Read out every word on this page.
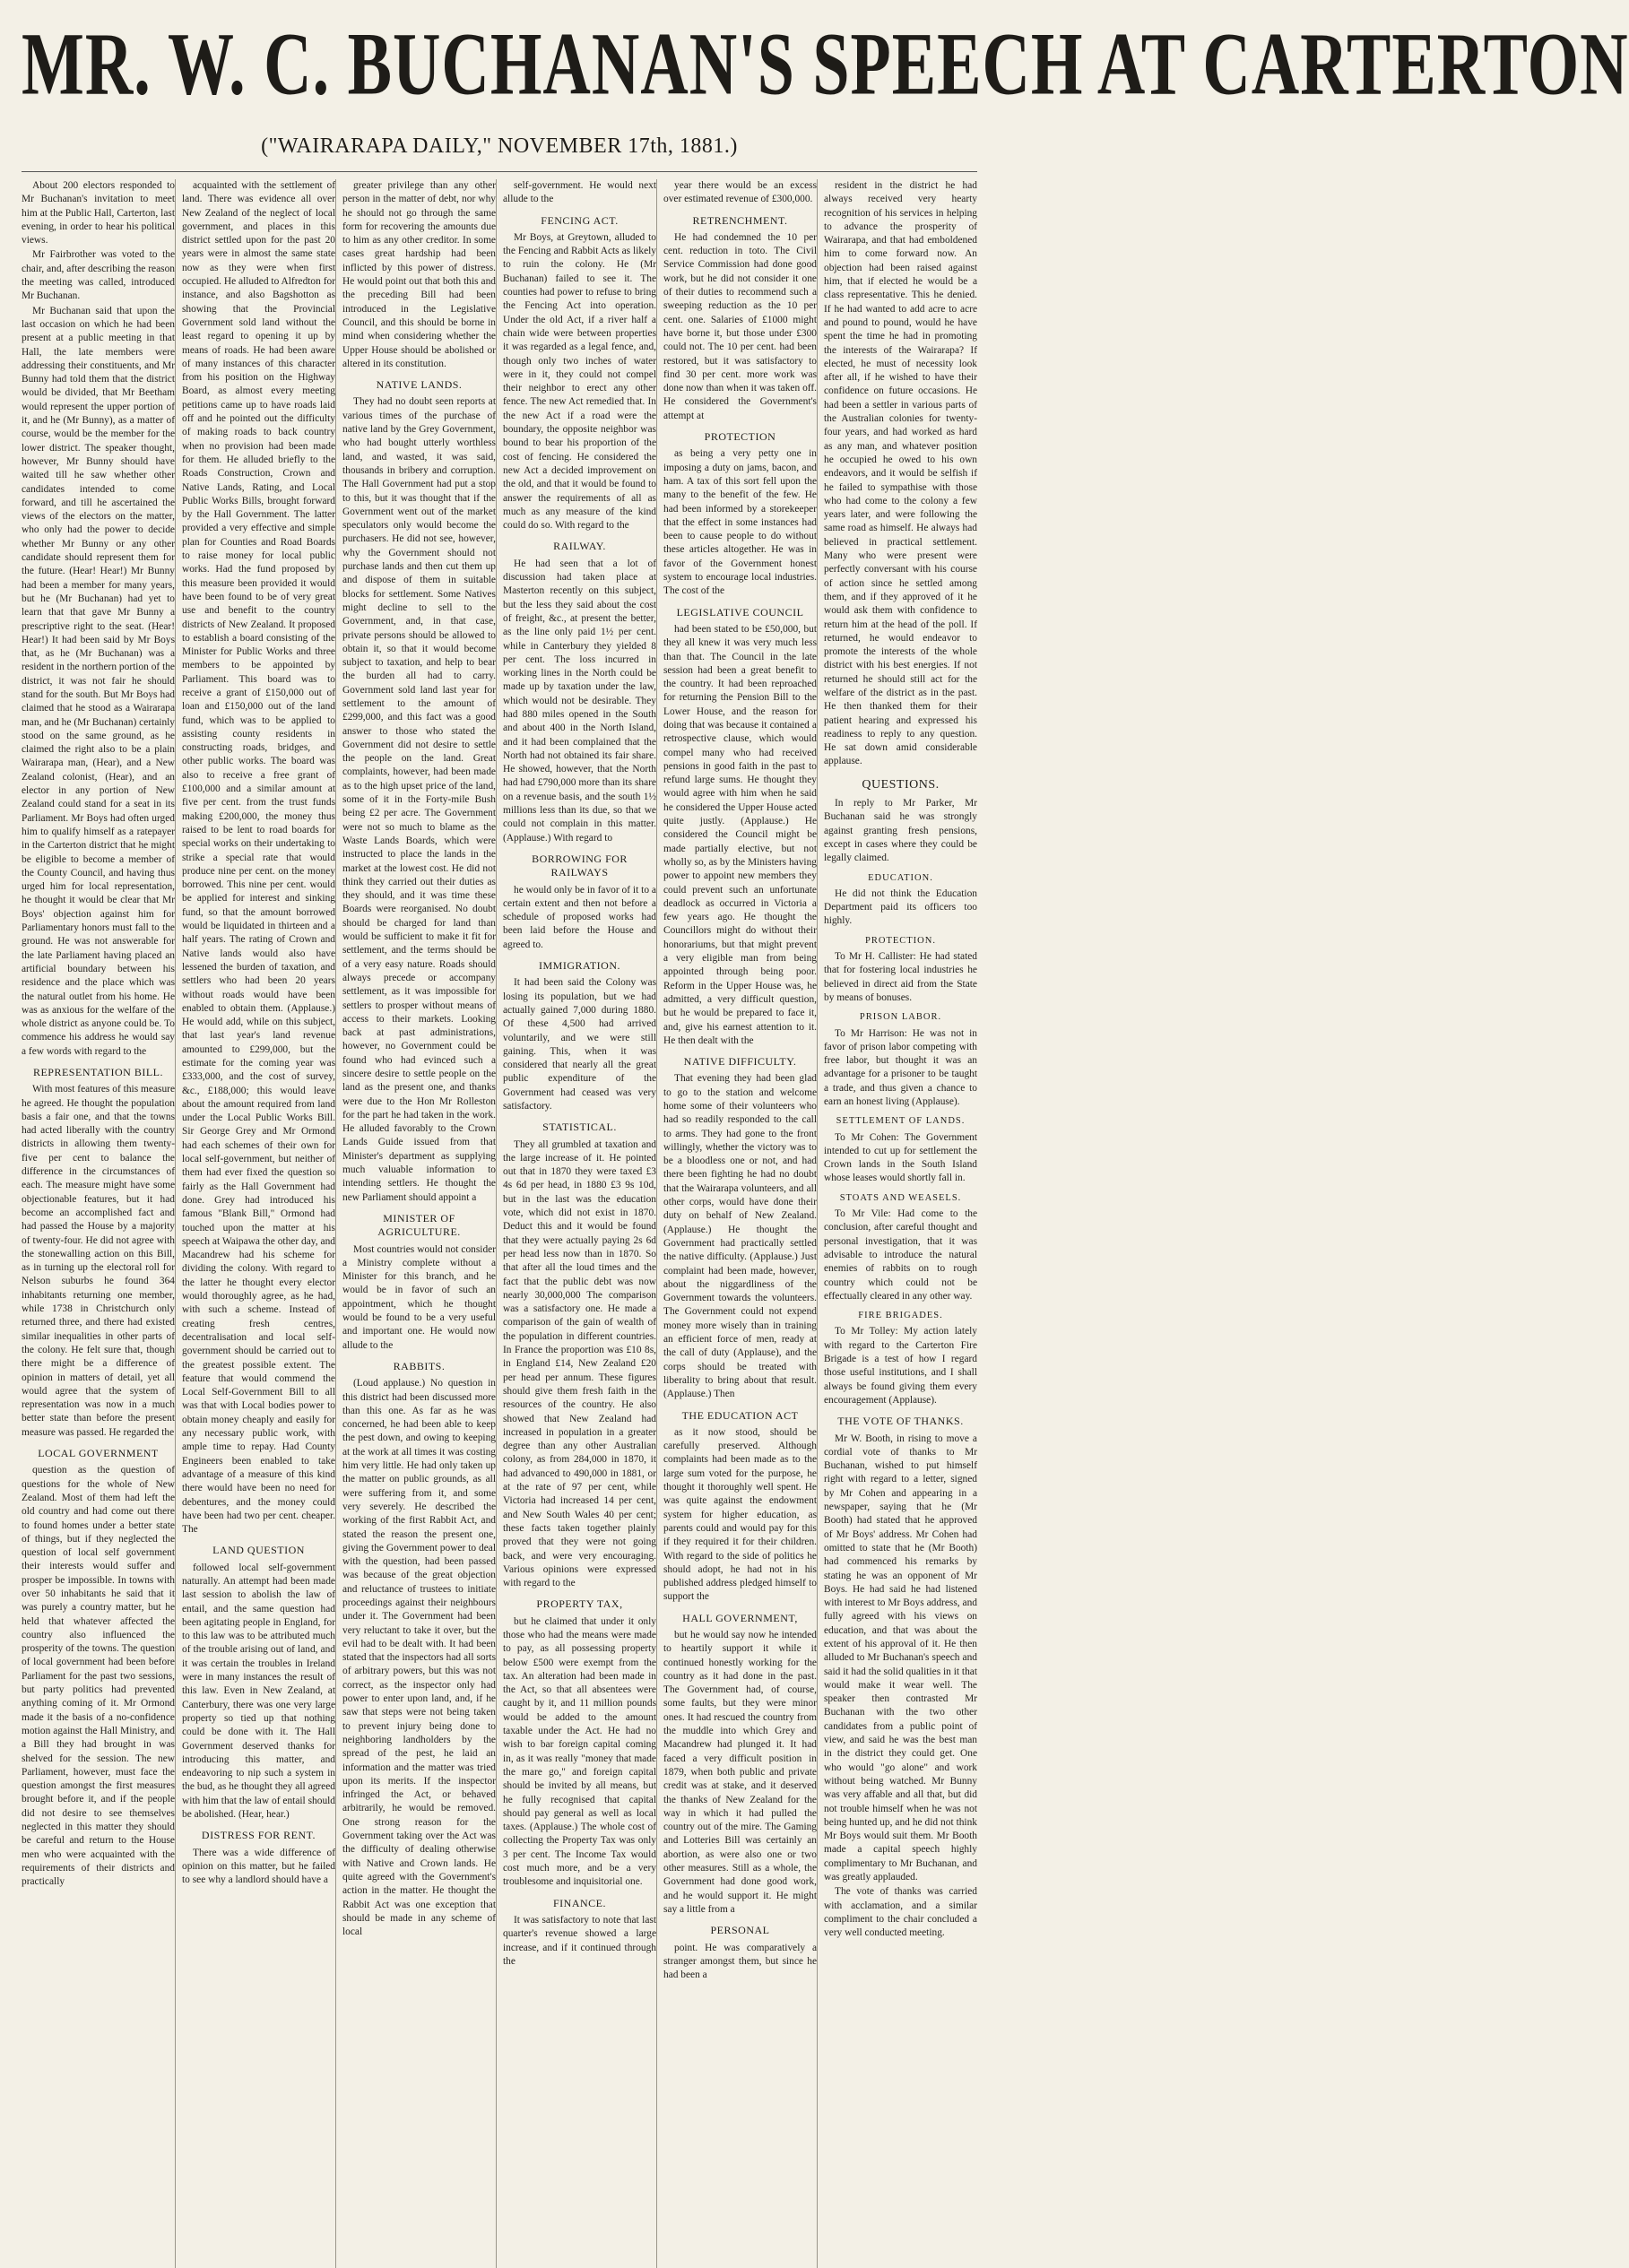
MR. W. C. BUCHANAN'S SPEECH AT CARTERTON
("WAIRARAPA DAILY," NOVEMBER 17th, 1881.)

About 200 electors responded to Mr Buchanan's invitation to meet him at the Public Hall, Carterton, last evening, in order to hear his political views.

Mr Fairbrother was voted to the chair, and, after describing the reason the meeting was called, introduced Mr Buchanan.

Mr Buchanan said that upon the last occasion on which he had been present at a public meeting in that Hall, the late members were addressing their constituents, and Mr Bunny had told them that the district would be divided, that Mr Beetham would represent the upper portion of it, and he (Mr Bunny), as a matter of course, would be the member for the lower district. The speaker thought, however, Mr Bunny should have waited till he saw whether other candidates intended to come forward, and till he ascertained the views of the electors on the matter, who only had the power to decide whether Mr Bunny or any other candidate should represent them for the future. (Hear! Hear!) Mr Bunny had been a member for many years, but he (Mr Buchanan) had yet to learn that that gave Mr Bunny a prescriptive right to the seat. (Hear! Hear!) It had been said by Mr Boys that, as he (Mr Buchanan) was a resident in the northern portion of the district, it was not fair he should stand for the south. But Mr Boys had claimed that he stood as a Wairarapa man, and he (Mr Buchanan) certainly stood on the same ground, as he claimed the right also to be a plain Wairarapa man, (Hear), and a New Zealand colonist, (Hear), and an elector in any portion of New Zealand could stand for a seat in its Parliament. Mr Boys had often urged him to qualify himself as a ratepayer in the Carterton district that he might be eligible to become a member of the County Council, and having thus urged him for local representation, he thought it would be clear that Mr Boys' objection against him for Parliamentary honors must fall to the ground. He was not answerable for the late Parliament having placed an artificial boundary between his residence and the place which was the natural outlet from his home. He was as anxious for the welfare of the whole district as anyone could be. To commence his address he would say a few words with regard to the

REPRESENTATION BILL.

With most features of this measure he agreed. He thought the population basis a fair one, and that the towns had acted liberally with the country districts in allowing them twenty-five per cent to balance the difference in the circumstances of each. The measure might have some objectionable features, but it had become an accomplished fact and had passed the House by a majority of twenty-four. He did not agree with the stonewalling action on this Bill, as in turning up the electoral roll for Nelson suburbs he found 364 inhabitants returning one member, while 1738 in Christchurch only returned three, and there had existed similar inequalities in other parts of the colony. He felt sure that, though there might be a difference of opinion in matters of detail, yet all would agree that the system of representation was now in a much better state than before the present measure was passed. He regarded the

LOCAL GOVERNMENT

question as the question of questions for the whole of New Zealand. Most of them had left the old country and had come out there to found homes under a better state of things, but if they neglected the question of local self government their interests would suffer and prosper be impossible. In towns with over 50 inhabitants he said that it was purely a country matter, but he held that whatever affected the country also influenced the prosperity of the towns. The question of local government had been before Parliament for the past two sessions, but party politics had prevented anything coming of it. Mr Ormond made it the basis of a no-confidence motion against the Hall Ministry, and a Bill they had brought in was shelved for the session. The new Parliament, however, must face the question amongst the first measures brought before it, and if the people did not desire to see themselves neglected in this matter they should be careful and return to the House men who were acquainted with the requirements of their districts and practically

acquainted with the settlement of land. There was evidence all over New Zealand of the neglect of local government, and places in this district settled upon for the past 20 years were in almost the same state now as they were when first occupied. He alluded to Alfredton for instance, and also Bagshotton as showing that the Provincial Government sold land without the least regard to opening it up by means of roads. He had been aware of many instances of this character from his position on the Highway Board, as almost every meeting petitions came up to have roads laid off and he pointed out the difficulty of making roads to back country when no provision had been made for them. He alluded briefly to the Roads Construction, Crown and Native Lands, Rating, and Local Public Works Bills, brought forward by the Hall Government. The latter provided a very effective and simple plan for Counties and Road Boards to raise money for local public works. Had the fund proposed by this measure been provided it would have been found to be of very great use and benefit to the country districts of New Zealand. It proposed to establish a board consisting of the Minister for Public Works and three members to be appointed by Parliament. This board was to receive a grant of £150,000 out of loan and £150,000 out of the land fund, which was to be applied to assisting county residents in constructing roads, bridges, and other public works. The board was also to receive a free grant of £100,000 and a similar amount at five per cent. from the trust funds making £200,000, the money thus raised to be lent to road boards for special works on their undertaking to strike a special rate that would produce nine per cent. on the money borrowed. This nine per cent. would be applied for interest and sinking fund, so that the amount borrowed would be liquidated in thirteen and a half years. The rating of Crown and Native lands would also have lessened the burden of taxation, and settlers who had been 20 years without roads would have been enabled to obtain them. (Applause.) He would add, while on this subject, that last year's land revenue amounted to £299,000, but the estimate for the coming year was £333,000, and the cost of survey, &c., £188,000; this would leave about the amount required from land under the Local Public Works Bill. Sir George Grey and Mr Ormond had each schemes of their own for local self-government, but neither of them had ever fixed the question so fairly as the Hall Government had done. Grey had introduced his famous "Blank Bill," Ormond had touched upon the matter at his speech at Waipawa the other day, and Macandrew had his scheme for dividing the colony. With regard to the latter he thought every elector would thoroughly agree, as he had, with such a scheme. Instead of creating fresh centres, decentralisation and local self-government should be carried out to the greatest possible extent. The feature that would commend the Local Self-Government Bill to all was that with Local bodies power to obtain money cheaply and easily for any necessary public work, with ample time to repay. Had County Engineers been enabled to take advantage of a measure of this kind there would have been no need for debentures, and the money could have been had two per cent. cheaper. The

LAND QUESTION

followed local self-government naturally. An attempt had been made last session to abolish the law of entail, and the same question had been agitating people in England, for to this law was to be attributed much of the trouble arising out of land, and it was certain the troubles in Ireland were in many instances the result of this law. Even in New Zealand, at Canterbury, there was one very large property so tied up that nothing could be done with it. The Hall Government deserved thanks for introducing this matter, and endeavoring to nip such a system in the bud, as he thought they all agreed with him that the law of entail should be abolished. (Hear, hear.)

DISTRESS FOR RENT.

There was a wide difference of opinion on this matter, but he failed to see why a landlord should have a

greater privilege than any other person in the matter of debt, nor why he should not go through the same form for recovering the amounts due to him as any other creditor. In some cases great hardship had been inflicted by this power of distress. He would point out that both this and the preceding Bill had been introduced in the Legislative Council, and this should be borne in mind when considering whether the Upper House should be abolished or altered in its constitution.

NATIVE LANDS.

They had no doubt seen reports at various times of the purchase of native land by the Grey Government, who had bought utterly worthless land, and wasted, it was said, thousands in bribery and corruption. The Hall Government had put a stop to this, but it was thought that if the Government went out of the market speculators only would become the purchasers. He did not see, however, why the Government should not purchase lands and then cut them up and dispose of them in suitable blocks for settlement. Some Natives might decline to sell to the Government, and, in that case, private persons should be allowed to obtain it, so that it would become subject to taxation, and help to bear the burden all had to carry. Government sold land last year for settlement to the amount of £299,000, and this fact was a good answer to those who stated the Government did not desire to settle the people on the land. Great complaints, however, had been made as to the high upset price of the land, some of it in the Forty-mile Bush being £2 per acre. The Government were not so much to blame as the Waste Lands Boards, which were instructed to place the lands in the market at the lowest cost. He did not think they carried out their duties as they should, and it was time these Boards were reorganised. No doubt should be charged for land than would be sufficient to make it fit for settlement, and the terms should be of a very easy nature. Roads should always precede or accompany settlement, as it was impossible for settlers to prosper without means of access to their markets. Looking back at past administrations, however, no Government could be found who had evinced such a sincere desire to settle people on the land as the present one, and thanks were due to the Hon Mr Rolleston for the part he had taken in the work. He alluded favorably to the Crown Lands Guide issued from that Minister's department as supplying much valuable information to intending settlers. He thought the new Parliament should appoint a

MINISTER OF AGRICULTURE.

Most countries would not consider a Ministry complete without a Minister for this branch, and he would be in favor of such an appointment, which he thought would be found to be a very useful and important one. He would now allude to the

RABBITS.

(Loud applause.) No question in this district had been discussed more than this one. As far as he was concerned, he had been able to keep the pest down, and owing to keeping at the work at all times it was costing him very little. He had only taken up the matter on public grounds, as all were suffering from it, and some very severely. He described the working of the first Rabbit Act, and stated the reason the present one, giving the Government power to deal with the question, had been passed was because of the great objection and reluctance of trustees to initiate proceedings against their neighbours under it. The Government had been very reluctant to take it over, but the evil had to be dealt with. It had been stated that the inspectors had all sorts of arbitrary powers, but this was not correct, as the inspector only had power to enter upon land, and, if he saw that steps were not being taken to prevent injury being done to neighboring landholders by the spread of the pest, he laid an information and the matter was tried upon its merits. If the inspector infringed the Act, or behaved arbitrarily, he would be removed. One strong reason for the Government taking over the Act was the difficulty of dealing otherwise with Native and Crown lands. He quite agreed with the Government's action in the matter. He thought the Rabbit Act was one exception that should be made in any scheme of local

self-government. He would next allude to the

FENCING ACT.

Mr Boys, at Greytown, alluded to the Fencing and Rabbit Acts as likely to ruin the colony. He (Mr Buchanan) failed to see it. The counties had power to refuse to bring the Fencing Act into operation. Under the old Act, if a river half a chain wide were between properties it was regarded as a legal fence, and, though only two inches of water were in it, they could not compel their neighbor to erect any other fence. The new Act remedied that. In the new Act if a road were the boundary, the opposite neighbor was bound to bear his proportion of the cost of fencing. He considered the new Act a decided improvement on the old, and that it would be found to answer the requirements of all as much as any measure of the kind could do so. With regard to the

RAILWAY.

He had seen that a lot of discussion had taken place at Masterton recently on this subject, but the less they said about the cost of freight, &c., at present the better, as the line only paid 1½ per cent. while in Canterbury they yielded 8 per cent. The loss incurred in working lines in the North could be made up by taxation under the law, which would not be desirable. They had 880 miles opened in the South and about 400 in the North Island, and it had been complained that the North had not obtained its fair share. He showed, however, that the North had had £790,000 more than its share on a revenue basis, and the south 1½ millions less than its due, so that we could not complain in this matter. (Applause.) With regard to

BORROWING FOR RAILWAYS

he would only be in favor of it to a certain extent and then not before a schedule of proposed works had been laid before the House and agreed to.

IMMIGRATION.

It had been said the Colony was losing its population, but we had actually gained 7,000 during 1880. Of these 4,500 had arrived voluntarily, and we were still gaining. This, when it was considered that nearly all the great public expenditure of the Government had ceased was very satisfactory.

STATISTICAL.

They all grumbled at taxation and the large increase of it. He pointed out that in 1870 they were taxed £3 4s 6d per head, in 1880 £3 9s 10d, but in the last was the education vote, which did not exist in 1870. Deduct this and it would be found that they were actually paying 2s 6d per head less now than in 1870. So that after all the loud times and the fact that the public debt was now nearly 30,000,000 The comparison was a satisfactory one. He made a comparison of the gain of wealth of the population in different countries. In France the proportion was £10 8s, in England £14, New Zealand £20 per head per annum. These figures should give them fresh faith in the resources of the country. He also showed that New Zealand had increased in population in a greater degree than any other Australian colony, as from 284,000 in 1870, it had advanced to 490,000 in 1881, or at the rate of 97 per cent, while Victoria had increased 14 per cent, and New South Wales 40 per cent; these facts taken together plainly proved that they were not going back, and were very encouraging. Various opinions were expressed with regard to the

PROPERTY TAX,

but he claimed that under it only those who had the means were made to pay, as all possessing property below £500 were exempt from the tax. An alteration had been made in the Act, so that all absentees were caught by it, and 11 million pounds would be added to the amount taxable under the Act. He had no wish to bar foreign capital coming in, as it was really "money that made the mare go," and foreign capital should be invited by all means, but he fully recognised that capital should pay general as well as local taxes. (Applause.) The whole cost of collecting the Property Tax was only 3 per cent. The Income Tax would cost much more, and be a very troublesome and inquisitorial one.

FINANCE.

It was satisfactory to note that last quarter's revenue showed a large increase, and if it continued through the

year there would be an excess over estimated revenue of £300,000.

RETRENCHMENT.

He had condemned the 10 per cent. reduction in toto. The Civil Service Commission had done good work, but he did not consider it one of their duties to recommend such a sweeping reduction as the 10 per cent. one. Salaries of £1000 might have borne it, but those under £300 could not. The 10 per cent. had been restored, but it was satisfactory to find 30 per cent. more work was done now than when it was taken off. He considered the Government's attempt at

PROTECTION

as being a very petty one in imposing a duty on jams, bacon, and ham. A tax of this sort fell upon the many to the benefit of the few. He had been informed by a storekeeper that the effect in some instances had been to cause people to do without these articles altogether. He was in favor of the Government honest system to encourage local industries. The cost of the

LEGISLATIVE COUNCIL

had been stated to be £50,000, but they all knew it was very much less than that. The Council in the late session had been a great benefit to the country. It had been reproached for returning the Pension Bill to the Lower House, and the reason for doing that was because it contained a retrospective clause, which would compel many who had received pensions in good faith in the past to refund large sums. He thought they would agree with him when he said he considered the Upper House acted quite justly. (Applause.) He considered the Council might be made partially elective, but not wholly so, as by the Ministers having power to appoint new members they could prevent such an unfortunate deadlock as occurred in Victoria a few years ago. He thought the Councillors might do without their honorariums, but that might prevent a very eligible man from being appointed through being poor. Reform in the Upper House was, he admitted, a very difficult question, but he would be prepared to face it, and, give his earnest attention to it. He then dealt with the

NATIVE DIFFICULTY.

That evening they had been glad to go to the station and welcome home some of their volunteers who had so readily responded to the call to arms. They had gone to the front willingly, whether the victory was to be a bloodless one or not, and had there been fighting he had no doubt that the Wairarapa volunteers, and all other corps, would have done their duty on behalf of New Zealand. (Applause.) He thought the Government had practically settled the native difficulty. (Applause.) Just complaint had been made, however, about the niggardliness of the Government towards the volunteers. The Government could not expend money more wisely than in training an efficient force of men, ready at the call of duty (Applause), and the corps should be treated with liberality to bring about that result. (Applause.) Then

THE EDUCATION ACT

as it now stood, should be carefully preserved. Although complaints had been made as to the large sum voted for the purpose, he thought it thoroughly well spent. He was quite against the endowment system for higher education, as parents could and would pay for this if they required it for their children. With regard to the side of politics he should adopt, he had not in his published address pledged himself to support the

HALL GOVERNMENT,

but he would say now he intended to heartily support it while it continued honestly working for the country as it had done in the past. The Government had, of course, some faults, but they were minor ones. It had rescued the country from the muddle into which Grey and Macandrew had plunged it. It had faced a very difficult position in 1879, when both public and private credit was at stake, and it deserved the thanks of New Zealand for the way in which it had pulled the country out of the mire. The Gaming and Lotteries Bill was certainly an abortion, as were also one or two other measures. Still as a whole, the Government had done good work, and he would support it. He might say a little from a

PERSONAL

point. He was comparatively a stranger amongst them, but since he had been a

resident in the district he had always received very hearty recognition of his services in helping to advance the prosperity of Wairarapa, and that had emboldened him to come forward now. An objection had been raised against him, that if elected he would be a class representative. This he denied. If he had wanted to add acre to acre and pound to pound, would he have spent the time he had in promoting the interests of the Wairarapa? If elected, he must of necessity look after all, if he wished to have their confidence on future occasions. He had been a settler in various parts of the Australian colonies for twenty-four years, and had worked as hard as any man, and whatever position he occupied he owed to his own endeavors, and it would be selfish if he failed to sympathise with those who had come to the colony a few years later, and were following the same road as himself. He always had believed in practical settlement. Many who were present were perfectly conversant with his course of action since he settled among them, and if they approved of it he would ask them with confidence to return him at the head of the poll. If returned, he would endeavor to promote the interests of the whole district with his best energies. If not returned he should still act for the welfare of the district as in the past. He then thanked them for their patient hearing and expressed his readiness to reply to any question. He sat down amid considerable applause.

QUESTIONS.

In reply to Mr Parker, Mr Buchanan said he was strongly against granting fresh pensions, except in cases where they could be legally claimed.

EDUCATION.

He did not think the Education Department paid its officers too highly.

PROTECTION.

To Mr H. Callister: He had stated that for fostering local industries he believed in direct aid from the State by means of bonuses.

PRISON LABOR.

To Mr Harrison: He was not in favor of prison labor competing with free labor, but thought it was an advantage for a prisoner to be taught a trade, and thus given a chance to earn an honest living (Applause).

SETTLEMENT OF LANDS.

To Mr Cohen: The Government intended to cut up for settlement the Crown lands in the South Island whose leases would shortly fall in.

STOATS AND WEASELS.

To Mr Vile: Had come to the conclusion, after careful thought and personal investigation, that it was advisable to introduce the natural enemies of rabbits on to rough country which could not be effectually cleared in any other way.

FIRE BRIGADES.

To Mr Tolley: My action lately with regard to the Carterton Fire Brigade is a test of how I regard those useful institutions, and I shall always be found giving them every encouragement (Applause).

THE VOTE OF THANKS.

Mr W. Booth, in rising to move a cordial vote of thanks to Mr Buchanan, wished to put himself right with regard to a letter, signed by Mr Cohen and appearing in a newspaper, saying that he (Mr Booth) had stated that he approved of Mr Boys' address. Mr Cohen had omitted to state that he (Mr Booth) had commenced his remarks by stating he was an opponent of Mr Boys. He had said he had listened with interest to Mr Boys address, and fully agreed with his views on education, and that was about the extent of his approval of it. He then alluded to Mr Buchanan's speech and said it had the solid qualities in it that would make it wear well. The speaker then contrasted Mr Buchanan with the two other candidates from a public point of view, and said he was the best man in the district they could get. One who would "go alone" and work without being watched. Mr Bunny was very affable and all that, but did not trouble himself when he was not being hunted up, and he did not think Mr Boys would suit them. Mr Booth made a capital speech highly complimentary to Mr Buchanan, and was greatly applauded.

The vote of thanks was carried with acclamation, and a similar compliment to the chair concluded a very well conducted meeting.
